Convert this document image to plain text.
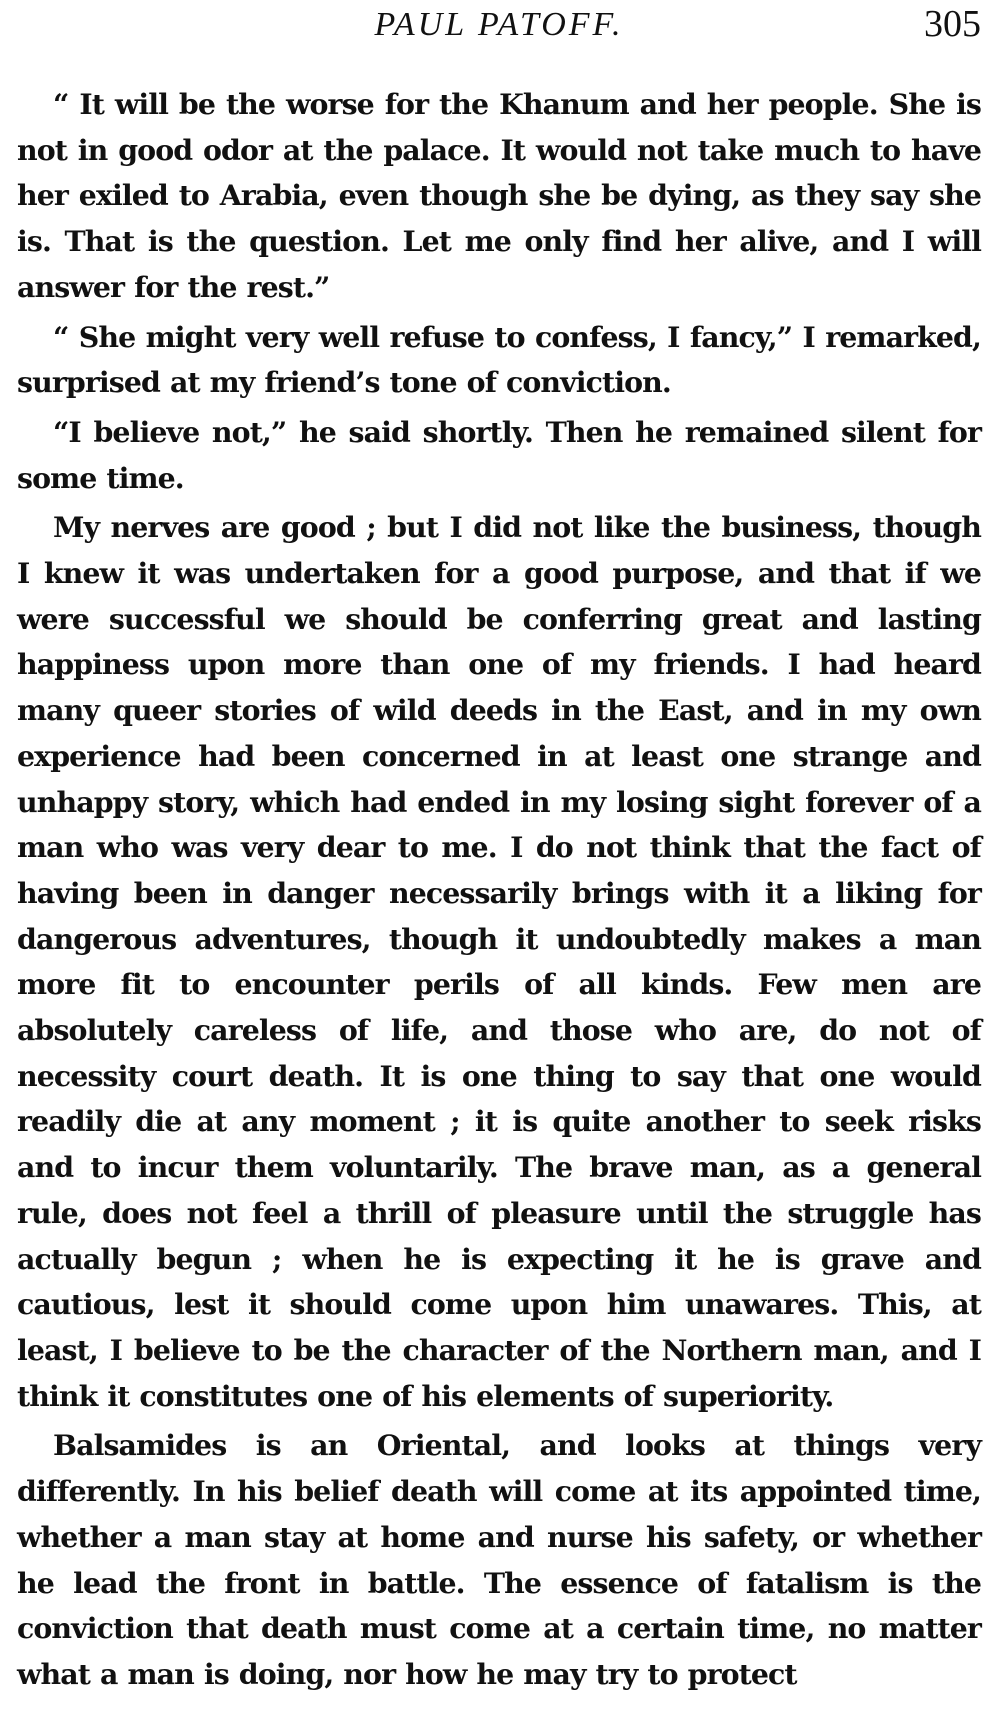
PAUL PATOFF.	305

“ It will be the worse for the Khanum and her people. She is not in good odor at the palace. It would not take much to have her exiled to Arabia, even though she be dying, as they say she is. That is the question. Let me only find her alive, and I will answer for the rest.”

“ She might very well refuse to confess, I fancy,” I remarked, surprised at my friend’s tone of conviction.

“I believe not,” he said shortly. Then he remained silent for some time.

My nerves are good ; but I did not like the business, though I knew it was undertaken for a good purpose, and that if we were successful we should be conferring great and lasting happiness upon more than one of my friends. I had heard many queer stories of wild deeds in the East, and in my own experience had been concerned in at least one strange and unhappy story, which had ended in my losing sight forever of a man who was very dear to me. I do not think that the fact of having been in danger necessarily brings with it a liking for dangerous adventures, though it undoubtedly makes a man more fit to encounter perils of all kinds. Few men are absolutely careless of life, and those who are, do not of necessity court death. It is one thing to say that one would readily die at any moment ; it is quite another to seek risks and to incur them voluntarily. The brave man, as a general rule, does not feel a thrill of pleasure until the struggle has actually begun ; when he is expecting it he is grave and cautious, lest it should come upon him unawares. This, at least, I believe to be the character of the Northern man, and I think it constitutes one of his elements of superiority.

Balsamides is an Oriental, and looks at things very differently. In his belief death will come at its appointed time, whether a man stay at home and nurse his safety, or whether he lead the front in battle. The essence of fatalism is the conviction that death must come at a certain time, no matter what a man is doing, nor how he may try to protect
